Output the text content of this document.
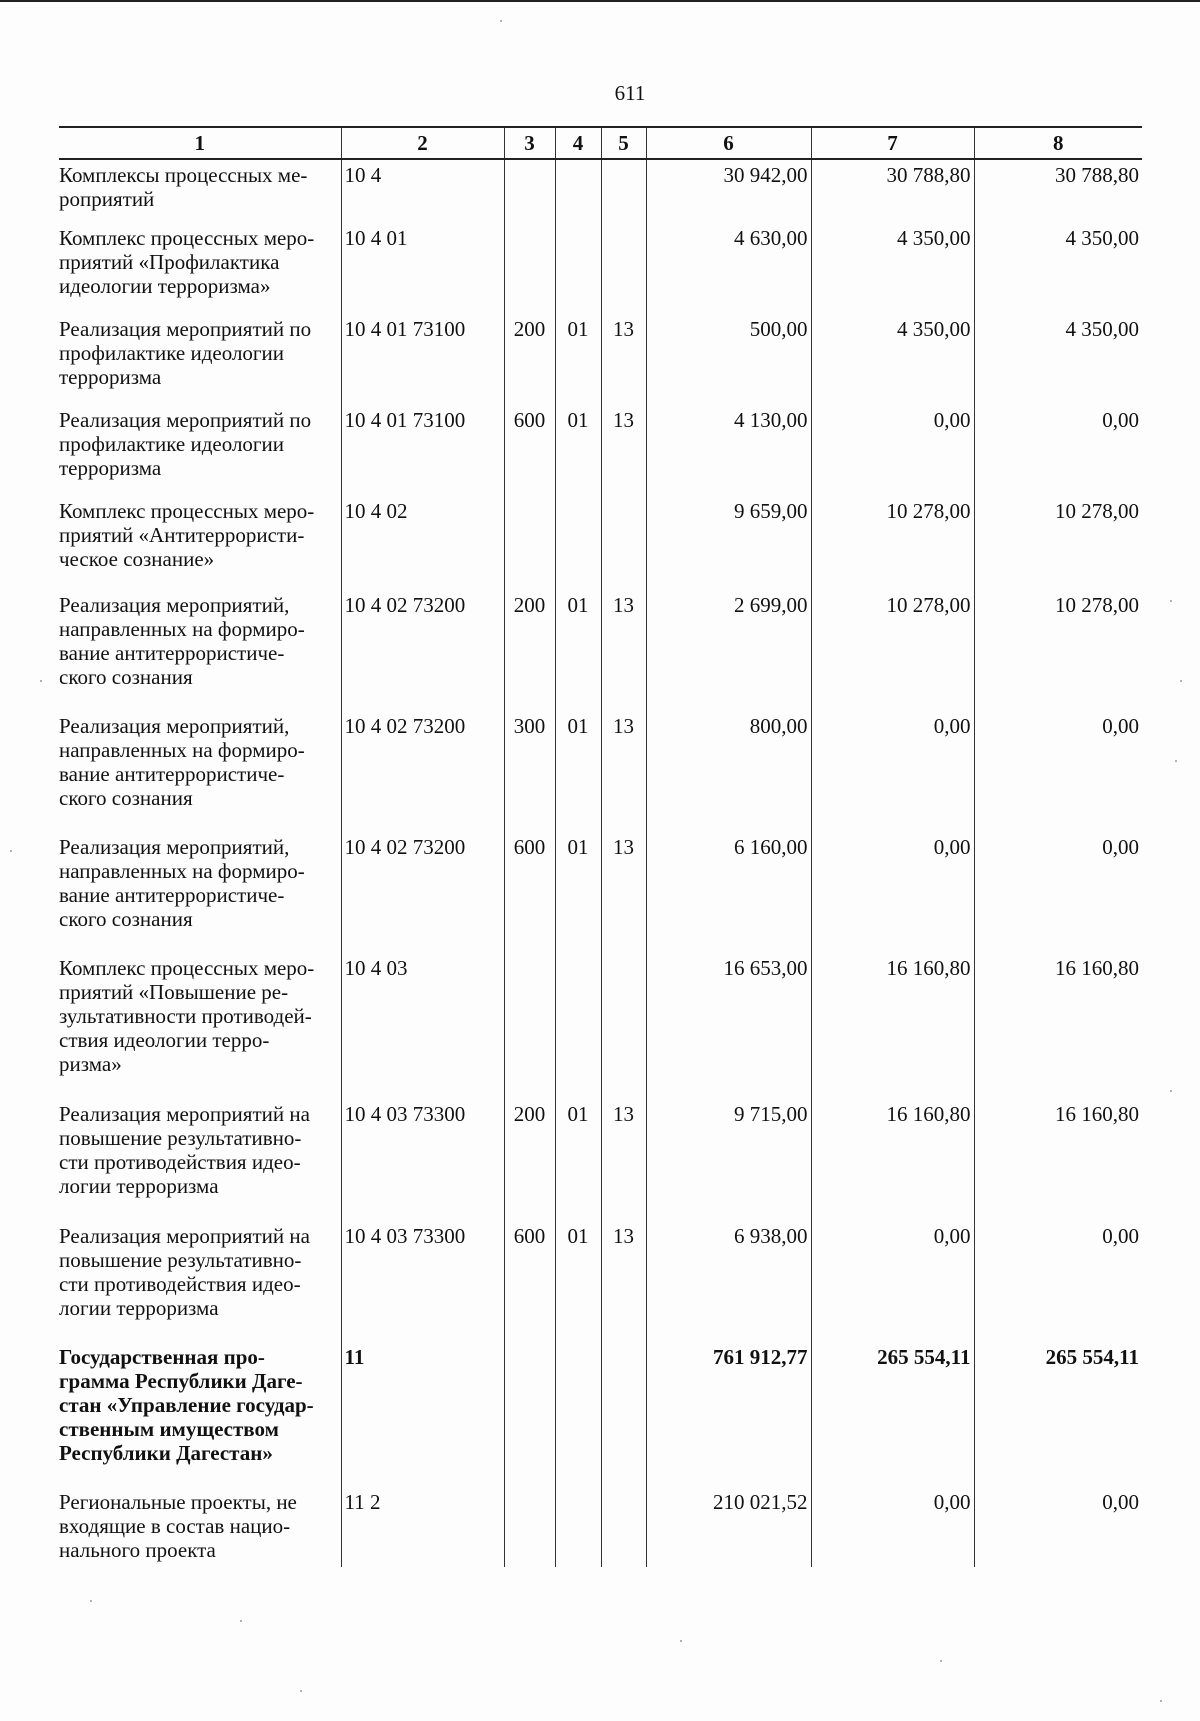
611
1	2	3	4	5	6	7	8

Комплексы процессных ме-
роприятий	10 4				30 942,00	30 788,80	30 788,80

Комплекс процессных меро-
приятий «Профилактика
идеологии терроризма»	10 4 01				4 630,00	4 350,00	4 350,00

Реализация мероприятий по
профилактике идеологии
терроризма	10 4 01 73100	200	01	13	500,00	4 350,00	4 350,00

Реализация мероприятий по
профилактике идеологии
терроризма	10 4 01 73100	600	01	13	4 130,00	0,00	0,00

Комплекс процессных меро-
приятий «Антитеррористи-
ческое сознание»	10 4 02				9 659,00	10 278,00	10 278,00

Реализация мероприятий,
направленных на формиро-
вание антитеррористиче-
ского сознания	10 4 02 73200	200	01	13	2 699,00	10 278,00	10 278,00

Реализация мероприятий,
направленных на формиро-
вание антитеррористиче-
ского сознания	10 4 02 73200	300	01	13	800,00	0,00	0,00

Реализация мероприятий,
направленных на формиро-
вание антитеррористиче-
ского сознания	10 4 02 73200	600	01	13	6 160,00	0,00	0,00

Комплекс процессных меро-
приятий «Повышение ре-
зультативности противодей-
ствия идеологии терро-
ризма»	10 4 03				16 653,00	16 160,80	16 160,80

Реализация мероприятий на
повышение результативно-
сти противодействия идео-
логии терроризма	10 4 03 73300	200	01	13	9 715,00	16 160,80	16 160,80

Реализация мероприятий на
повышение результативно-
сти противодействия идео-
логии терроризма	10 4 03 73300	600	01	13	6 938,00	0,00	0,00

Государственная про-
грамма Республики Даге-
стан «Управление государ-
ственным имуществом
Республики Дагестан»	11				761 912,77	265 554,11	265 554,11

Региональные проекты, не
входящие в состав нацио-
нального проекта	11 2				210 021,52	0,00	0,00
